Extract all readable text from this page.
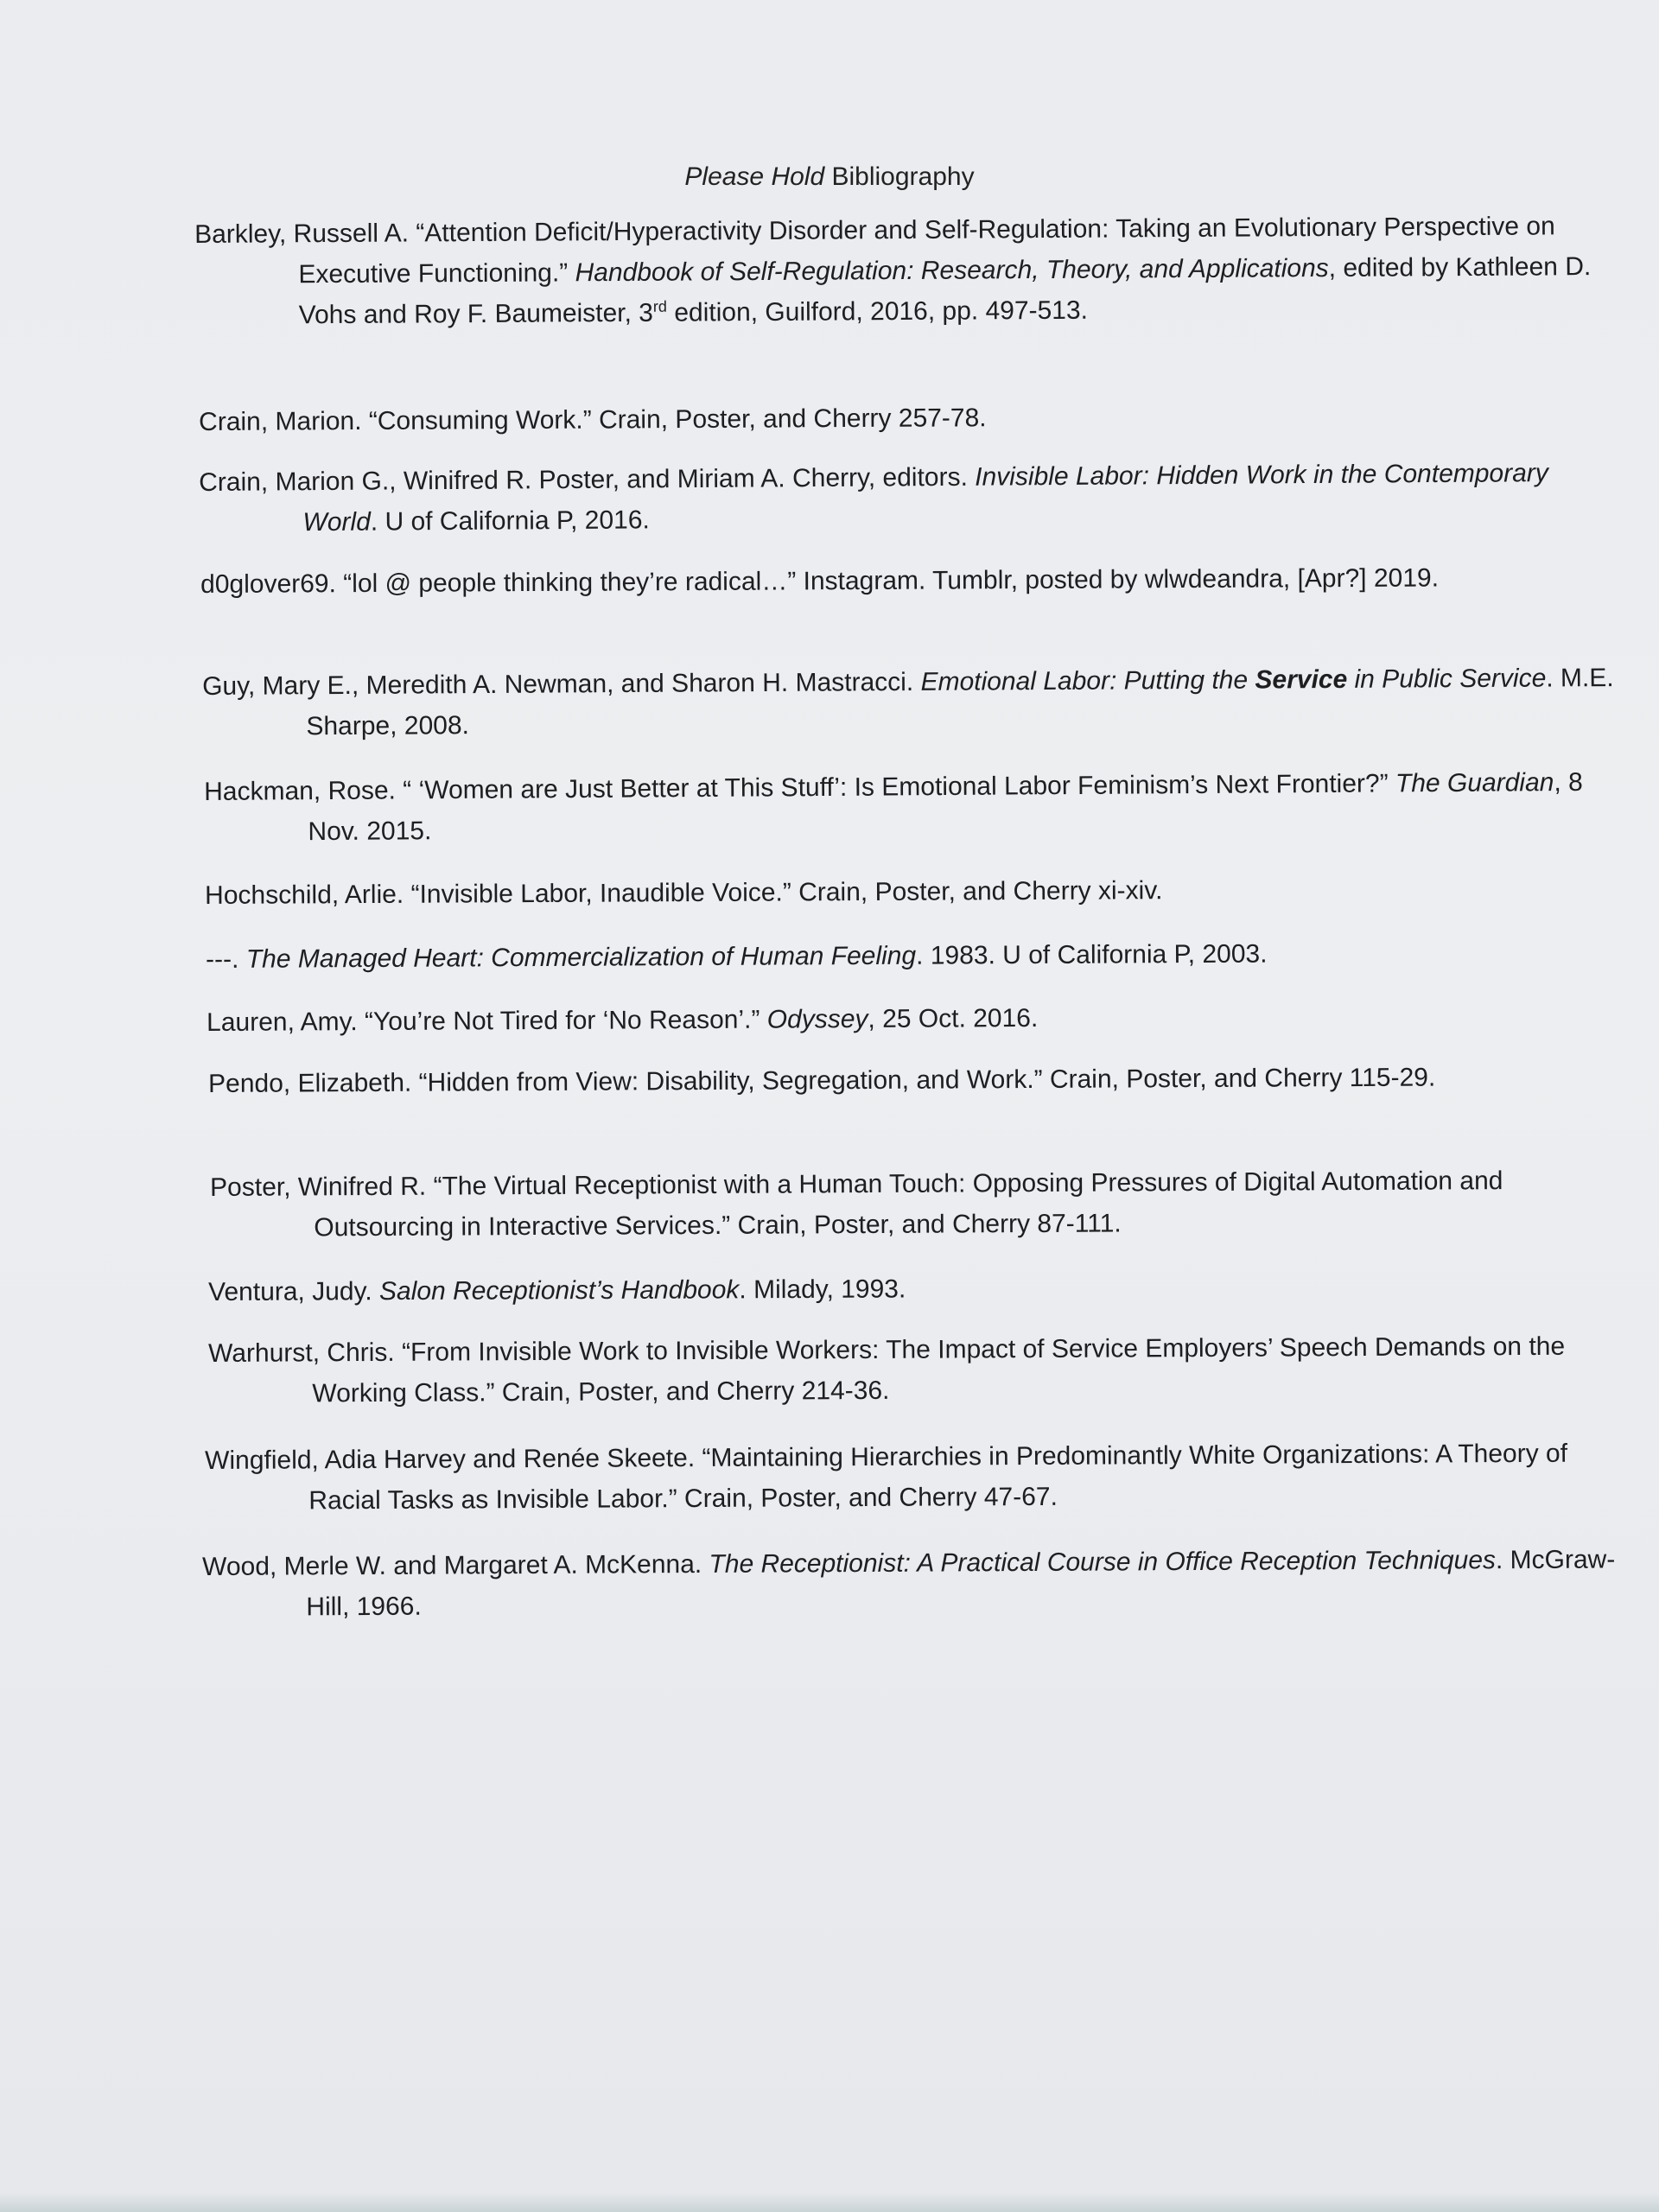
Please Hold Bibliography
Barkley, Russell A. “Attention Deficit/Hyperactivity Disorder and Self-Regulation: Taking an Evolutionary Perspective on Executive Functioning.” Handbook of Self-Regulation: Research, Theory, and Applications, edited by Kathleen D. Vohs and Roy F. Baumeister, 3rd edition, Guilford, 2016, pp. 497-513.
Crain, Marion. “Consuming Work.” Crain, Poster, and Cherry 257-78.
Crain, Marion G., Winifred R. Poster, and Miriam A. Cherry, editors. Invisible Labor: Hidden Work in the Contemporary World. U of California P, 2016.
d0glover69. “lol @ people thinking they’re radical…” Instagram. Tumblr, posted by wlwdeandra, [Apr?] 2019.
Guy, Mary E., Meredith A. Newman, and Sharon H. Mastracci. Emotional Labor: Putting the Service in Public Service. M.E. Sharpe, 2008.
Hackman, Rose. “ ‘Women are Just Better at This Stuff’: Is Emotional Labor Feminism’s Next Frontier?” The Guardian, 8 Nov. 2015.
Hochschild, Arlie. “Invisible Labor, Inaudible Voice.” Crain, Poster, and Cherry xi-xiv.
---. The Managed Heart: Commercialization of Human Feeling. 1983. U of California P, 2003.
Lauren, Amy. “You’re Not Tired for ‘No Reason’.” Odyssey, 25 Oct. 2016.
Pendo, Elizabeth. “Hidden from View: Disability, Segregation, and Work.” Crain, Poster, and Cherry 115-29.
Poster, Winifred R. “The Virtual Receptionist with a Human Touch: Opposing Pressures of Digital Automation and Outsourcing in Interactive Services.” Crain, Poster, and Cherry 87-111.
Ventura, Judy. Salon Receptionist’s Handbook. Milady, 1993.
Warhurst, Chris. “From Invisible Work to Invisible Workers: The Impact of Service Employers’ Speech Demands on the Working Class.” Crain, Poster, and Cherry 214-36.
Wingfield, Adia Harvey and Renée Skeete. “Maintaining Hierarchies in Predominantly White Organizations: A Theory of Racial Tasks as Invisible Labor.” Crain, Poster, and Cherry 47-67.
Wood, Merle W. and Margaret A. McKenna. The Receptionist: A Practical Course in Office Reception Techniques. McGraw-Hill, 1966.
